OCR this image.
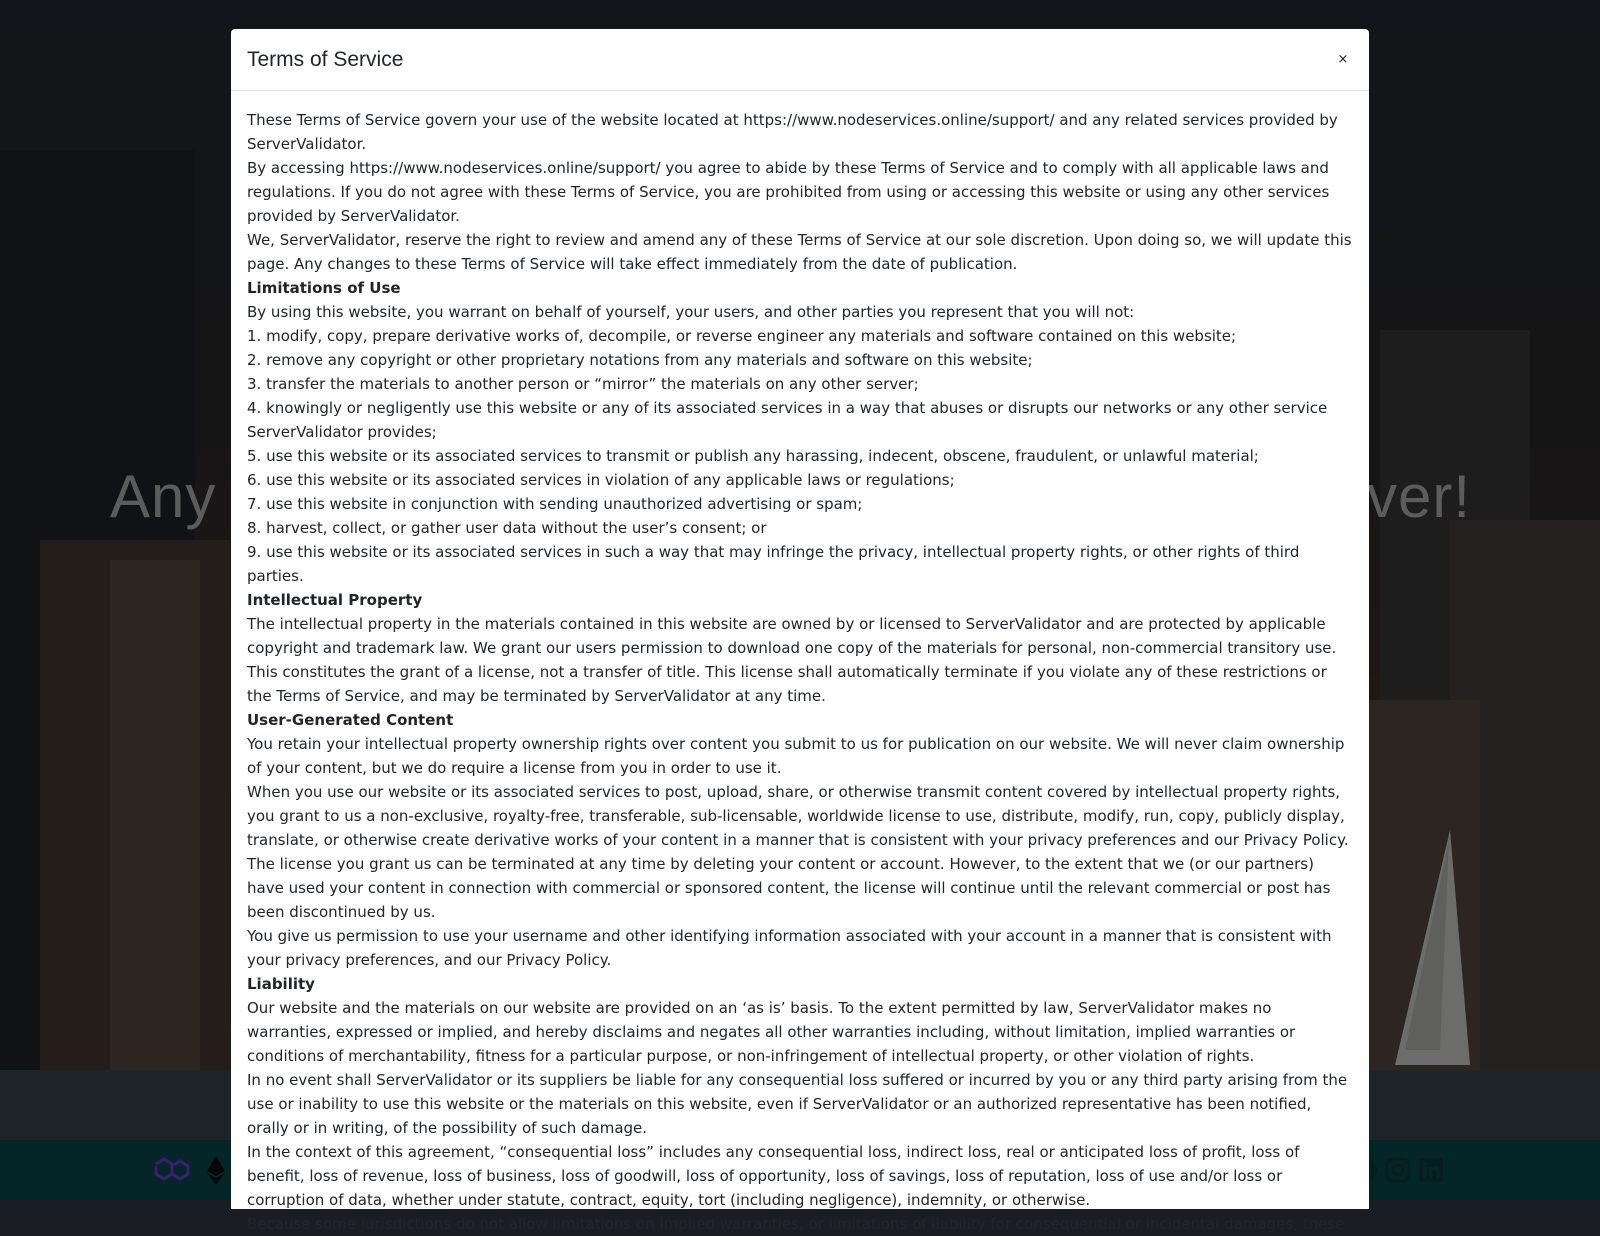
Terms of Service	×

These Terms of Service govern your use of the website located at https://www.nodeservices.online/support/ and any related services provided by ServerValidator.

By accessing https://www.nodeservices.online/support/ you agree to abide by these Terms of Service and to comply with all applicable laws and regulations. If you do not agree with these Terms of Service, you are prohibited from using or accessing this website or using any other services provided by ServerValidator.

We, ServerValidator, reserve the right to review and amend any of these Terms of Service at our sole discretion. Upon doing so, we will update this page. Any changes to these Terms of Service will take effect immediately from the date of publication.

Limitations of Use

By using this website, you warrant on behalf of yourself, your users, and other parties you represent that you will not:

1. modify, copy, prepare derivative works of, decompile, or reverse engineer any materials and software contained on this website;

2. remove any copyright or other proprietary notations from any materials and software on this website;

3. transfer the materials to another person or “mirror” the materials on any other server;

4. knowingly or negligently use this website or any of its associated services in a way that abuses or disrupts our networks or any other service ServerValidator provides;

5. use this website or its associated services to transmit or publish any harassing, indecent, obscene, fraudulent, or unlawful material;

6. use this website or its associated services in violation of any applicable laws or regulations;

7. use this website in conjunction with sending unauthorized advertising or spam;

8. harvest, collect, or gather user data without the user’s consent; or

9. use this website or its associated services in such a way that may infringe the privacy, intellectual property rights, or other rights of third parties.

Intellectual Property

The intellectual property in the materials contained in this website are owned by or licensed to ServerValidator and are protected by applicable copyright and trademark law. We grant our users permission to download one copy of the materials for personal, non-commercial transitory use.

This constitutes the grant of a license, not a transfer of title. This license shall automatically terminate if you violate any of these restrictions or the Terms of Service, and may be terminated by ServerValidator at any time.

User-Generated Content

You retain your intellectual property ownership rights over content you submit to us for publication on our website. We will never claim ownership of your content, but we do require a license from you in order to use it.

When you use our website or its associated services to post, upload, share, or otherwise transmit content covered by intellectual property rights, you grant to us a non-exclusive, royalty-free, transferable, sub-licensable, worldwide license to use, distribute, modify, run, copy, publicly display, translate, or otherwise create derivative works of your content in a manner that is consistent with your privacy preferences and our Privacy Policy.

The license you grant us can be terminated at any time by deleting your content or account. However, to the extent that we (or our partners) have used your content in connection with commercial or sponsored content, the license will continue until the relevant commercial or post has been discontinued by us.

You give us permission to use your username and other identifying information associated with your account in a manner that is consistent with your privacy preferences, and our Privacy Policy.

Liability

Our website and the materials on our website are provided on an ‘as is’ basis. To the extent permitted by law, ServerValidator makes no warranties, expressed or implied, and hereby disclaims and negates all other warranties including, without limitation, implied warranties or conditions of merchantability, fitness for a particular purpose, or non-infringement of intellectual property, or other violation of rights.

In no event shall ServerValidator or its suppliers be liable for any consequential loss suffered or incurred by you or any third party arising from the use or inability to use this website or the materials on this website, even if ServerValidator or an authorized representative has been notified, orally or in writing, of the possibility of such damage.

In the context of this agreement, “consequential loss” includes any consequential loss, indirect loss, real or anticipated loss of profit, loss of benefit, loss of revenue, loss of business, loss of goodwill, loss of opportunity, loss of savings, loss of reputation, loss of use and/or loss or corruption of data, whether under statute, contract, equity, tort (including negligence), indemnity, or otherwise.

Because some jurisdictions do not allow limitations on implied warranties, or limitations of liability for consequential or incidental damages, these
